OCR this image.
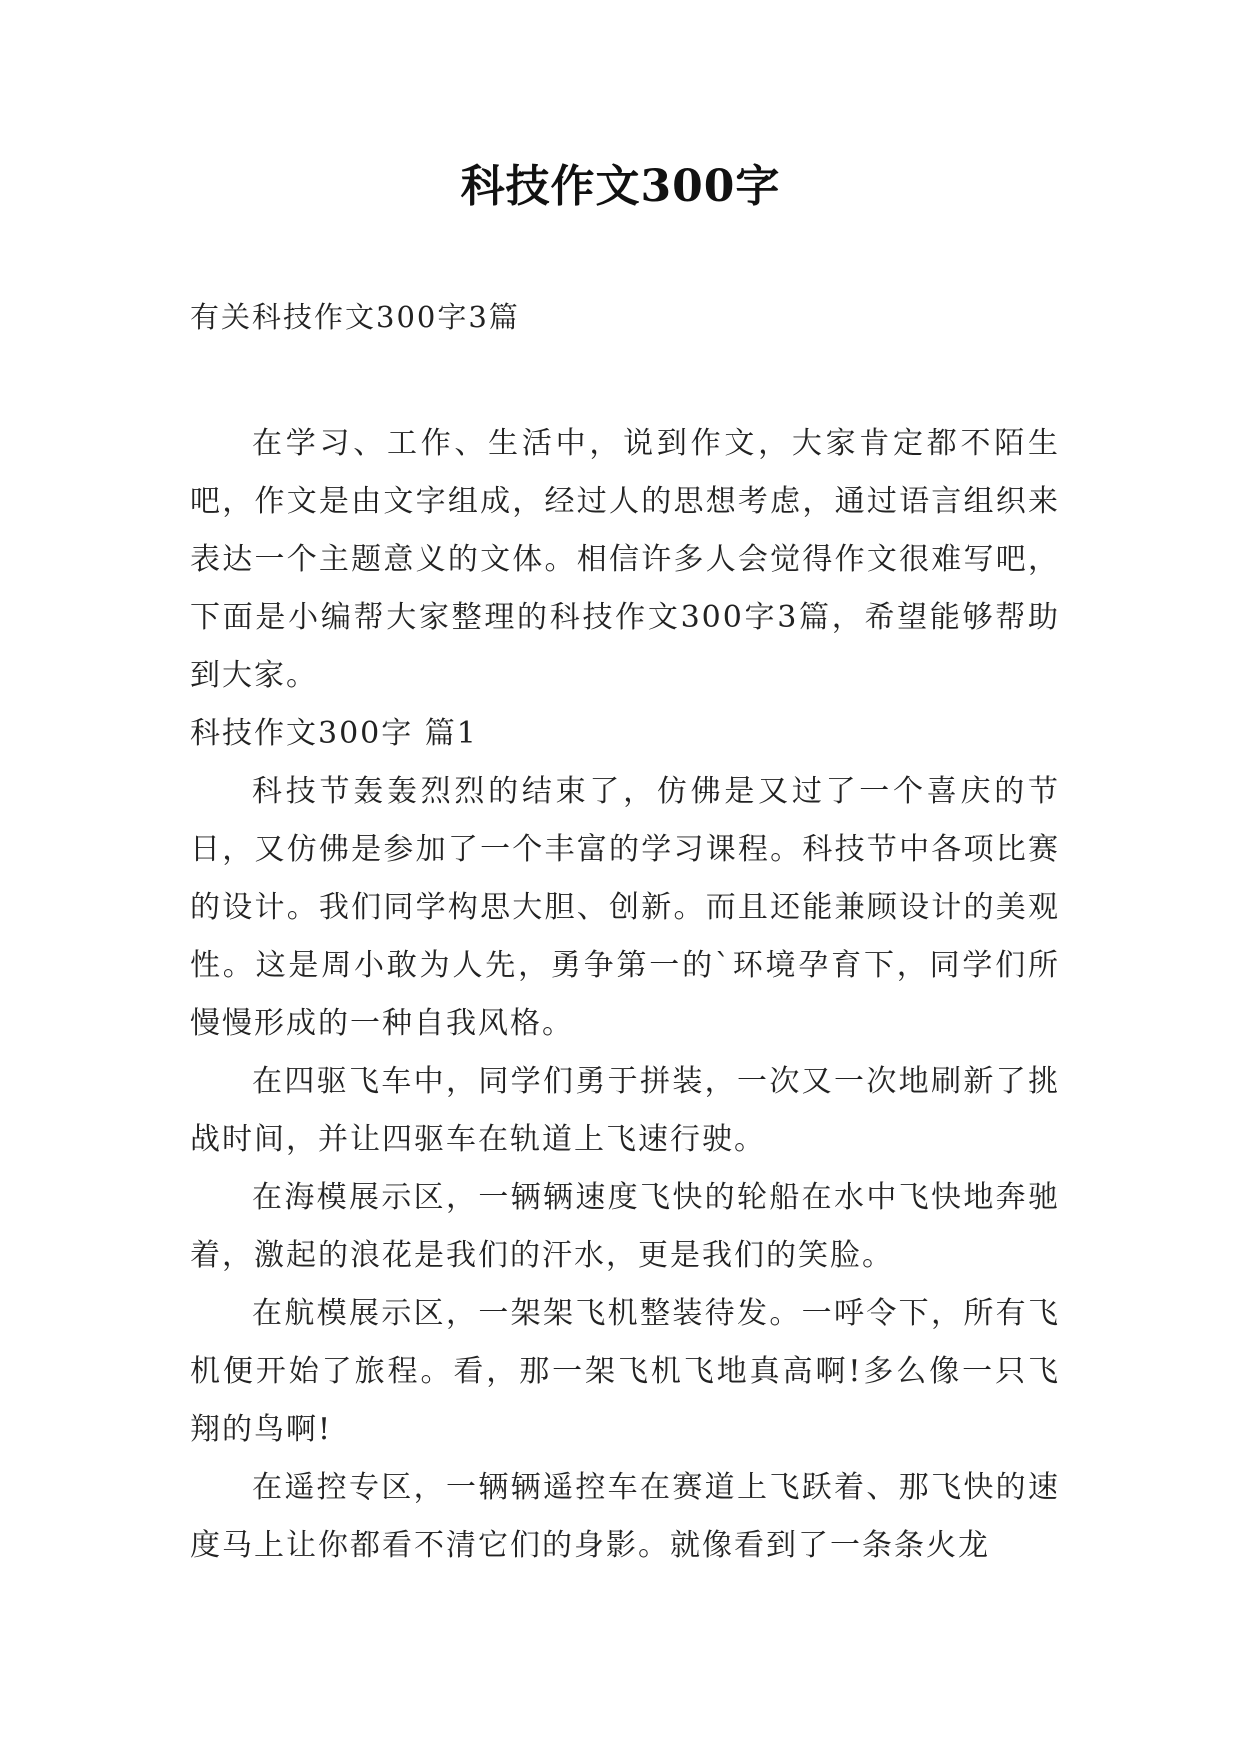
科技作文300字

有关科技作文300字3篇

在学习、工作、生活中，说到作文，大家肯定都不陌生吧，作文是由文字组成，经过人的思想考虑，通过语言组织来表达一个主题意义的文体。相信许多人会觉得作文很难写吧，下面是小编帮大家整理的科技作文300字3篇，希望能够帮助到大家。

科技作文300字 篇1

科技节轰轰烈烈的结束了，仿佛是又过了一个喜庆的节日，又仿佛是参加了一个丰富的学习课程。科技节中各项比赛的设计。我们同学构思大胆、创新。而且还能兼顾设计的美观性。这是周小敢为人先，勇争第一的`环境孕育下，同学们所慢慢形成的一种自我风格。

在四驱飞车中，同学们勇于拼装，一次又一次地刷新了挑战时间，并让四驱车在轨道上飞速行驶。

在海模展示区，一辆辆速度飞快的轮船在水中飞快地奔驰着，激起的浪花是我们的汗水，更是我们的笑脸。

在航模展示区，一架架飞机整装待发。一呼令下，所有飞机便开始了旅程。看，那一架飞机飞地真高啊!多么像一只飞翔的鸟啊!

在遥控专区，一辆辆遥控车在赛道上飞跃着、那飞快的速度马上让你都看不清它们的身影。就像看到了一条条火龙
